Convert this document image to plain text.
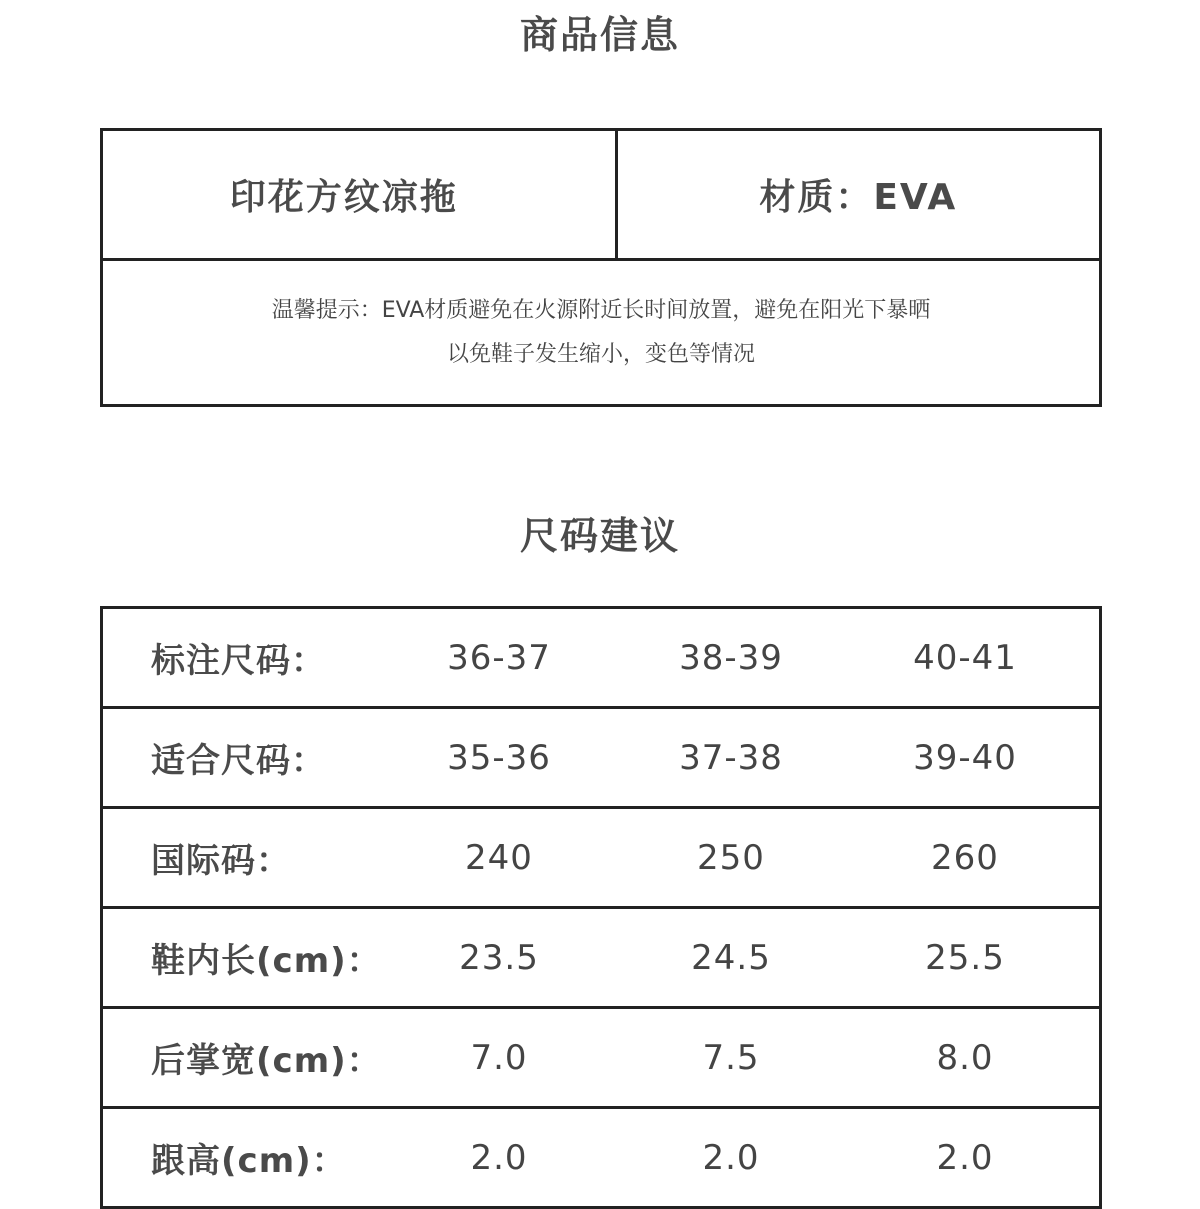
商品信息
印花方纹凉拖	材质：EVA
温馨提示：EVA材质避免在火源附近长时间放置，避免在阳光下暴晒
以免鞋子发生缩小，变色等情况
尺码建议
标注尺码：	36-37	38-39	40-41
适合尺码：	35-36	37-38	39-40
国际码：	240	250	260
鞋内长(cm)：	23.5	24.5	25.5
后掌宽(cm)：	7.0	7.5	8.0
跟高(cm)：	2.0	2.0	2.0
